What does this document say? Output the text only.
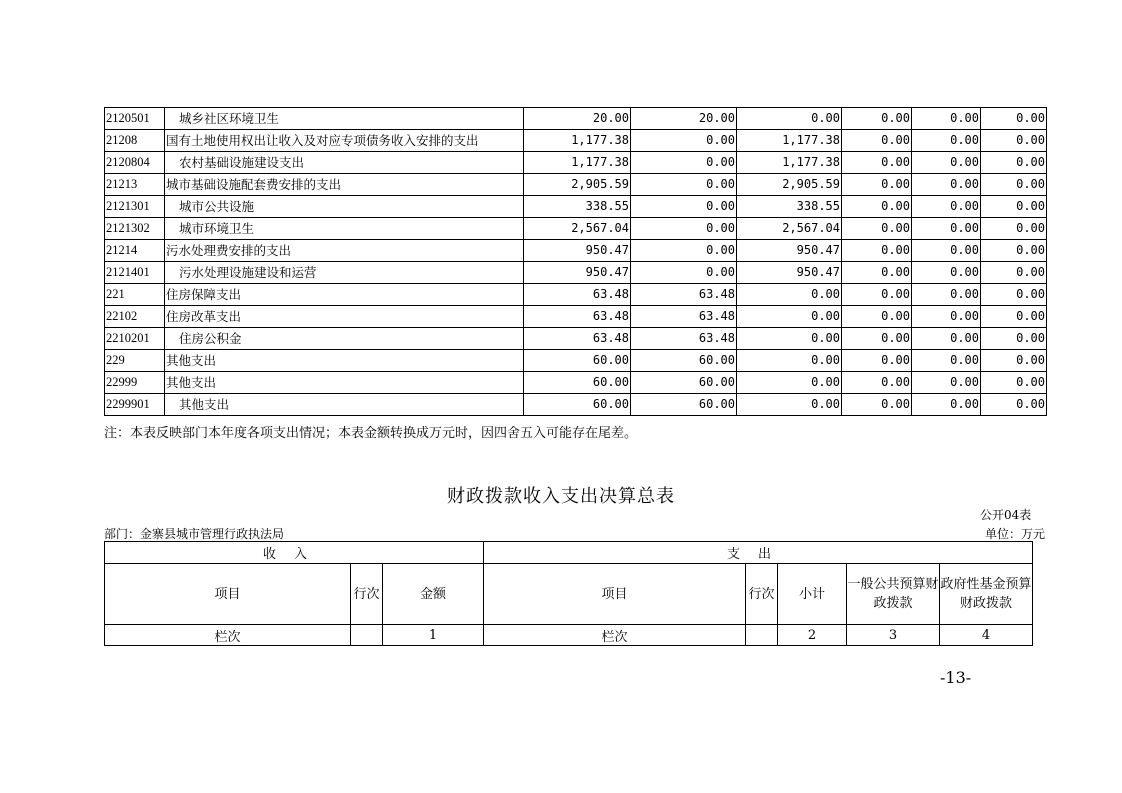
2120501	城乡社区环境卫生	20.00	20.00	0.00	0.00	0.00	0.00
21208	国有土地使用权出让收入及对应专项债务收入安排的支出	1,177.38	0.00	1,177.38	0.00	0.00	0.00
2120804	农村基础设施建设支出	1,177.38	0.00	1,177.38	0.00	0.00	0.00
21213	城市基础设施配套费安排的支出	2,905.59	0.00	2,905.59	0.00	0.00	0.00
2121301	城市公共设施	338.55	0.00	338.55	0.00	0.00	0.00
2121302	城市环境卫生	2,567.04	0.00	2,567.04	0.00	0.00	0.00
21214	污水处理费安排的支出	950.47	0.00	950.47	0.00	0.00	0.00
2121401	污水处理设施建设和运营	950.47	0.00	950.47	0.00	0.00	0.00
221	住房保障支出	63.48	63.48	0.00	0.00	0.00	0.00
22102	住房改革支出	63.48	63.48	0.00	0.00	0.00	0.00
2210201	住房公积金	63.48	63.48	0.00	0.00	0.00	0.00
229	其他支出	60.00	60.00	0.00	0.00	0.00	0.00
22999	其他支出	60.00	60.00	0.00	0.00	0.00	0.00
2299901	其他支出	60.00	60.00	0.00	0.00	0.00	0.00
注：本表反映部门本年度各项支出情况；本表金额转换成万元时，因四舍五入可能存在尾差。
财政拨款收入支出决算总表
公开04表
部门：金寨县城市管理行政执法局	单位：万元
收入			支出				
项目	行次	金额	项目	行次	小计	一般公共预算财政拨款	政府性基金预算财政拨款
栏次		1	栏次		2	3	4
-13-
